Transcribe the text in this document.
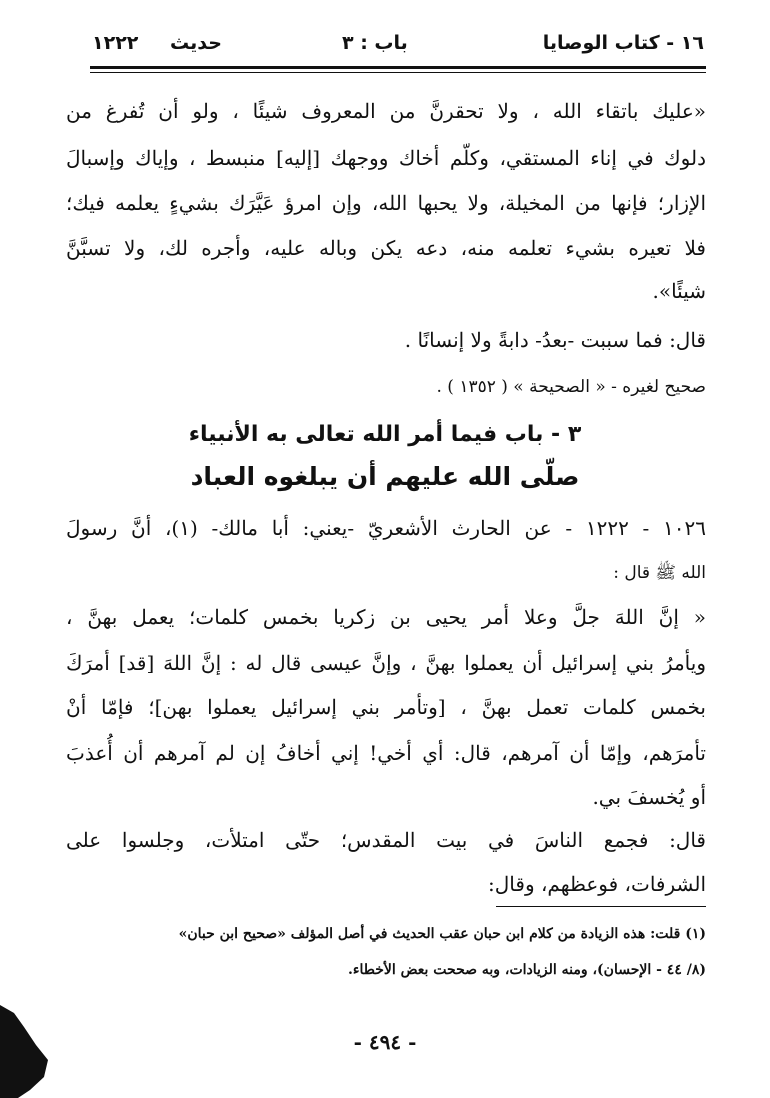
١٦ - كتاب الوصايا
باب : ٣
حديث
١٢٢٢
«عليك باتقاء الله ، ولا تحقرنَّ من المعروف شيئًا ، ولو أن تُفرغ من
دلوك في إناء المستقي، وكلّم أخاك ووجهك [إليه] منبسط ، وإياك وإسبالَ
الإزار؛ فإنها من المخيلة، ولا يحبها الله، وإن امرؤ عَيَّرَك بشيءٍ يعلمه فيك؛
فلا تعيره بشيء تعلمه منه، دعه يكن وباله عليه، وأجره لك، ولا تسبَّنَّ
شيئًا».
قال: فما سببت -بعدُ- دابةً ولا إنسانًا .
صحيح لغيره - « الصحيحة » ( ١٣٥٢ ) .
٣ - باب فيما أمر الله تعالى به الأنبياء
صلّى الله عليهم أن يبلغوه العباد
١٠٢٦ - ١٢٢٢ - عن الحارث الأشعريّ -يعني: أبا مالك- (١)، أنَّ رسولَ
الله ﷺ قال :
« إنَّ اللهَ جلَّ وعلا أمر يحيى بن زكريا بخمس كلمات؛ يعمل بهنَّ ،
ويأمرُ بني إسرائيل أن يعملوا بهنَّ ، وإنَّ عيسى قال له : إنَّ اللهَ [قد] أمرَكَ
بخمس كلمات تعمل بهنَّ ، [وتأمر بني إسرائيل يعملوا بهن]؛ فإمّا أنْ
تأمرَهم، وإمّا أن آمرهم، قال: أي أخي! إني أخافُ إن لم آمرهم أن أُعذبَ
أو يُخسفَ بي.
قال: فجمع الناسَ في بيت المقدس؛ حتّى امتلأت، وجلسوا على
الشرفات، فوعظهم، وقال:
(١) قلت: هذه الزيادة من كلام ابن حبان عقب الحديث في أصل المؤلف «صحيح ابن حبان»
(٨/ ٤٤ - الإحسان)، ومنه الزيادات، وبه صححت بعض الأخطاء.
- ٤٩٤ -
